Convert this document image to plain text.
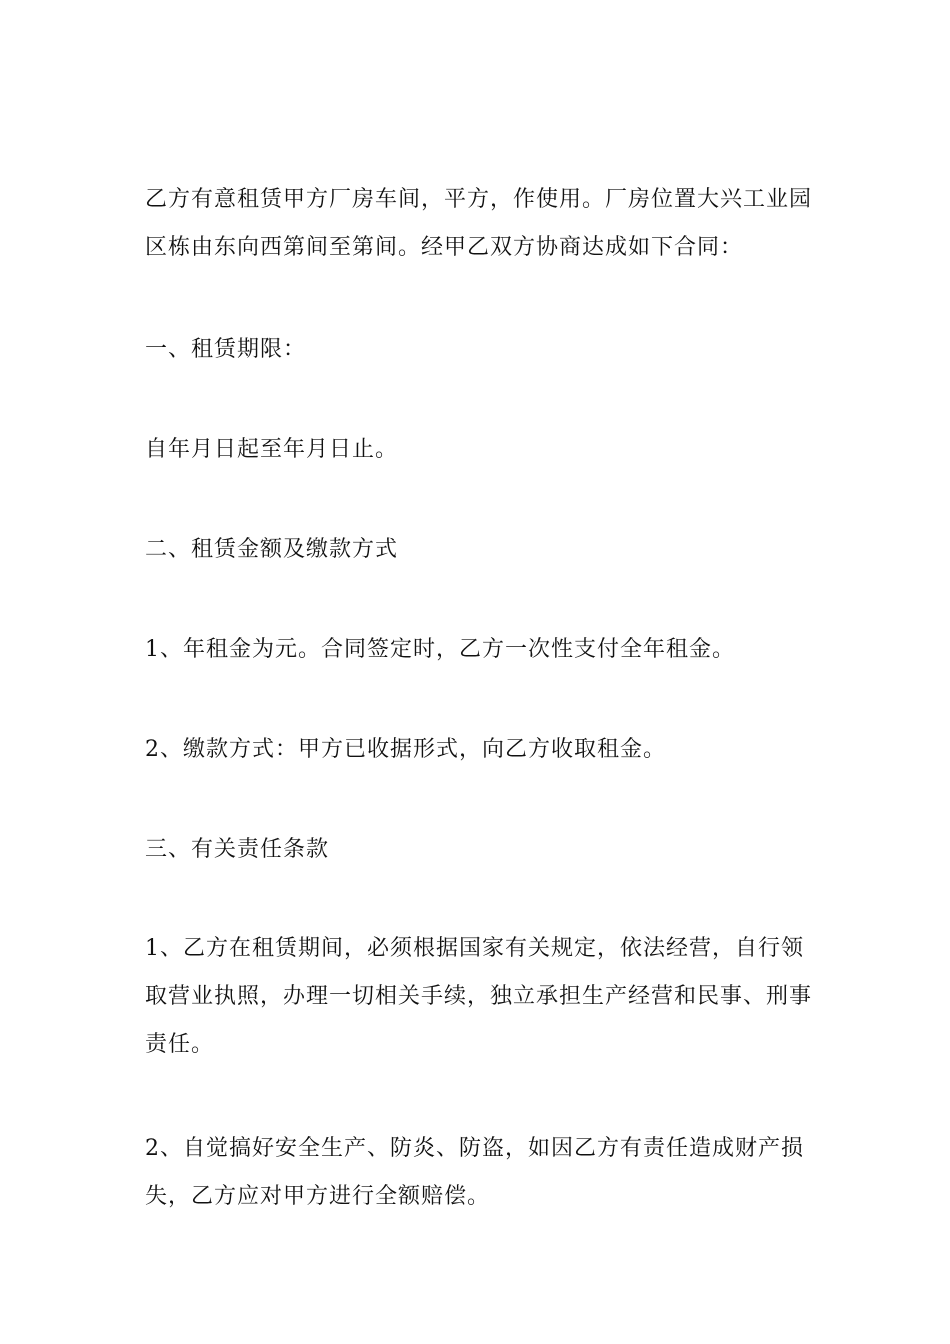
乙方有意租赁甲方厂房车间，平方，作使用。厂房位置大兴工业园区栋由东向西第间至第间。经甲乙双方协商达成如下合同：

一、租赁期限：

自年月日起至年月日止。

二、租赁金额及缴款方式

1、年租金为元。合同签定时，乙方一次性支付全年租金。

2、缴款方式：甲方已收据形式，向乙方收取租金。

三、有关责任条款

1、乙方在租赁期间，必须根据国家有关规定，依法经营，自行领取营业执照，办理一切相关手续，独立承担生产经营和民事、刑事责任。

2、自觉搞好安全生产、防炎、防盗，如因乙方有责任造成财产损失，乙方应对甲方进行全额赔偿。
